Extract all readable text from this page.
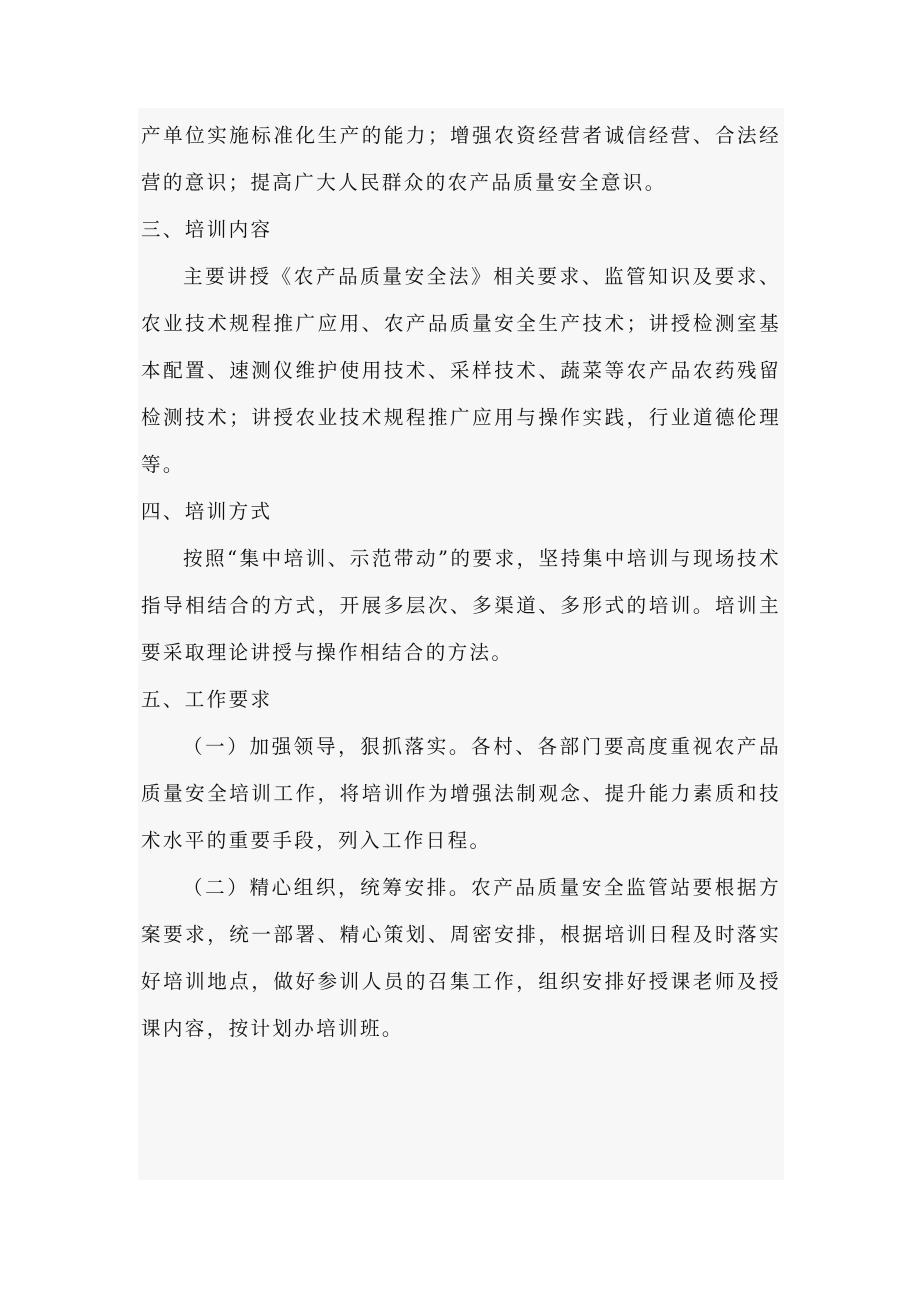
产单位实施标准化生产的能力；增强农资经营者诚信经营、合法经营的意识；提高广大人民群众的农产品质量安全意识。

三、培训内容

主要讲授《农产品质量安全法》相关要求、监管知识及要求、农业技术规程推广应用、农产品质量安全生产技术；讲授检测室基本配置、速测仪维护使用技术、采样技术、蔬菜等农产品农药残留检测技术；讲授农业技术规程推广应用与操作实践，行业道德伦理等。

四、培训方式

按照“集中培训、示范带动”的要求，坚持集中培训与现场技术指导相结合的方式，开展多层次、多渠道、多形式的培训。培训主要采取理论讲授与操作相结合的方法。

五、工作要求

（一）加强领导，狠抓落实。各村、各部门要高度重视农产品质量安全培训工作，将培训作为增强法制观念、提升能力素质和技术水平的重要手段，列入工作日程。

（二）精心组织，统筹安排。农产品质量安全监管站要根据方案要求，统一部署、精心策划、周密安排，根据培训日程及时落实好培训地点，做好参训人员的召集工作，组织安排好授课老师及授课内容，按计划办培训班。
